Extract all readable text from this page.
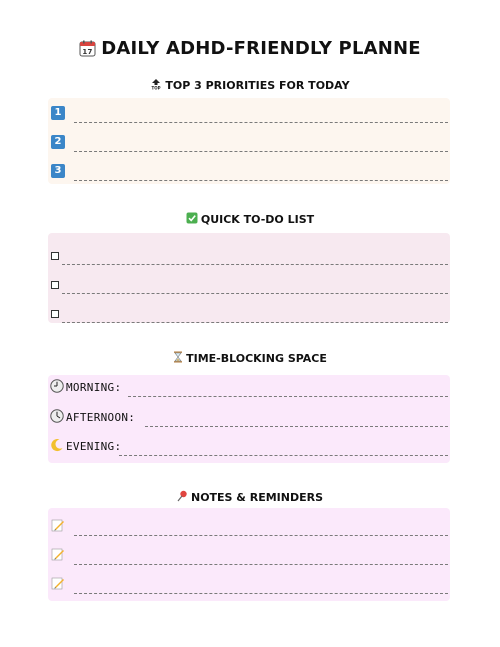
17 DAILY ADHD-FRIENDLY PLANNE
TOP TOP 3 PRIORITIES FOR TODAY
1
2
3
QUICK TO-DO LIST
TIME-BLOCKING SPACE
MORNING:
AFTERNOON:
EVENING:
NOTES & REMINDERS
